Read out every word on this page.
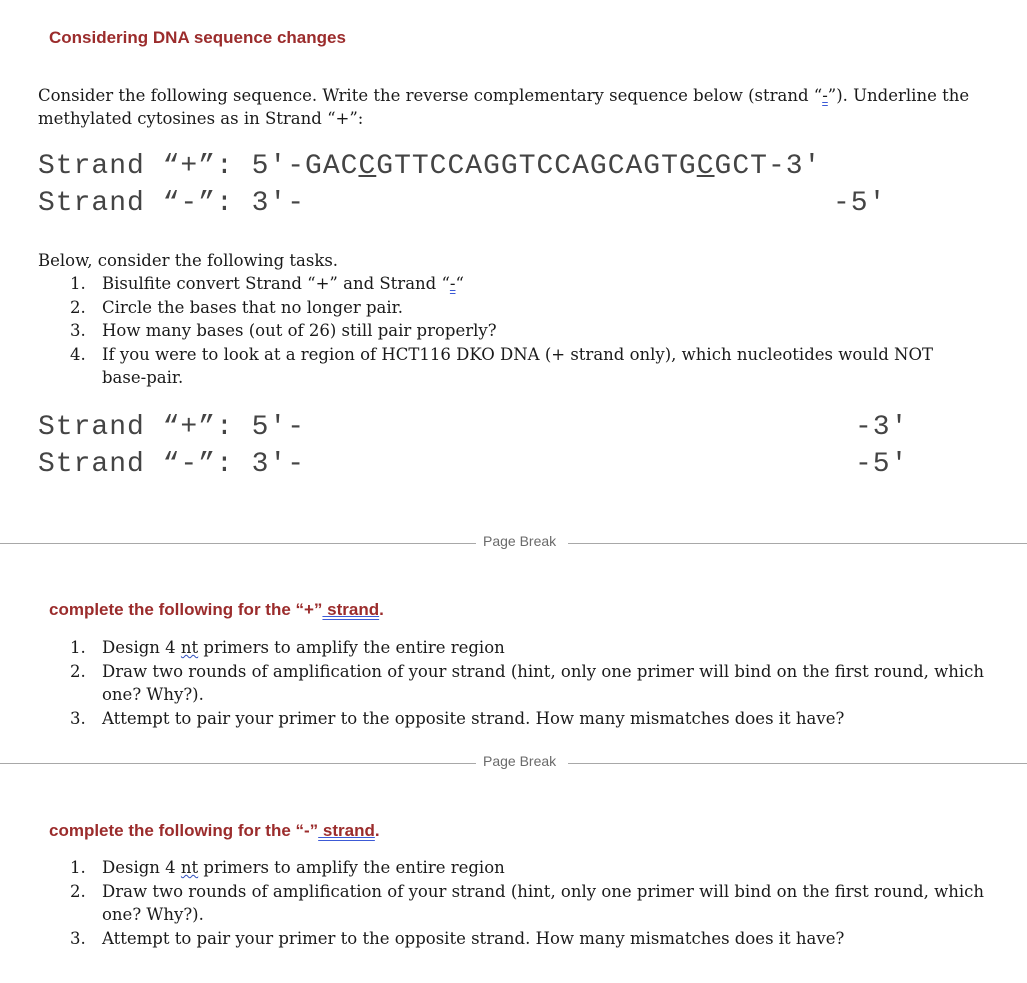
Considering DNA sequence changes
Consider the following sequence. Write the reverse complementary sequence below (strand “-”). Underline the
methylated cytosines as in Strand “+”:
Strand “+”: 5'-GACCGTTCCAGGTCCAGCAGTGCGCT-3'
Strand “-”: 3'-	-5'
Below, consider the following tasks.
1. Bisulfite convert Strand “+” and Strand “-“
2. Circle the bases that no longer pair.
3. How many bases (out of 26) still pair properly?
4. If you were to look at a region of HCT116 DKO DNA (+ strand only), which nucleotides would NOT base-pair.
Strand “+”: 5'-	-3'
Strand “-”: 3'-	-5'
Page Break
complete the following for the “+” strand.
1. Design 4 nt primers to amplify the entire region
2. Draw two rounds of amplification of your strand (hint, only one primer will bind on the first round, which one? Why?).
3. Attempt to pair your primer to the opposite strand. How many mismatches does it have?
Page Break
complete the following for the “-” strand.
1. Design 4 nt primers to amplify the entire region
2. Draw two rounds of amplification of your strand (hint, only one primer will bind on the first round, which one? Why?).
3. Attempt to pair your primer to the opposite strand. How many mismatches does it have?
